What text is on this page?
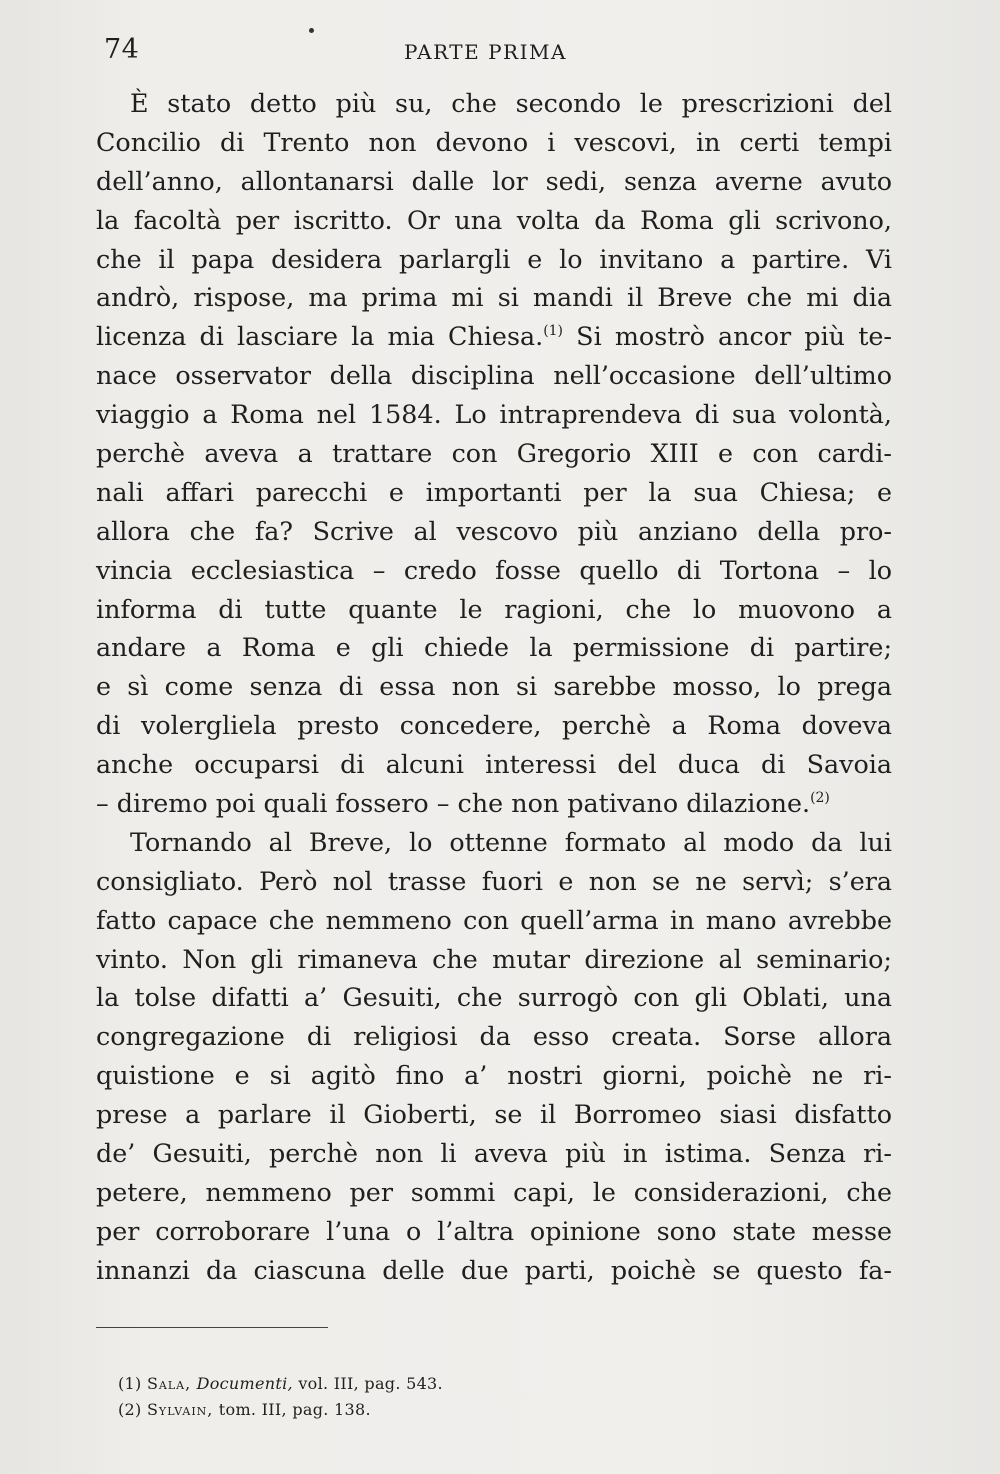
74	PARTE PRIMA
È stato detto più su, che secondo le prescrizioni del
Concilio di Trento non devono i vescovi, in certi tempi
dell’anno, allontanarsi dalle lor sedi, senza averne avuto
la facoltà per iscritto. Or una volta da Roma gli scrivono,
che il papa desidera parlargli e lo invitano a partire. Vi
andrò, rispose, ma prima mi si mandi il Breve che mi dia
licenza di lasciare la mia Chiesa.$^{(1)}$ Si mostrò ancor più te-
nace osservator della disciplina nell’occasione dell’ultimo
viaggio a Roma nel 1584. Lo intraprendeva di sua volontà,
perchè aveva a trattare con Gregorio XIII e con cardi-
nali affari parecchi e importanti per la sua Chiesa; e
allora che fa? Scrive al vescovo più anziano della pro-
vincia ecclesiastica – credo fosse quello di Tortona – lo
informa di tutte quante le ragioni, che lo muovono a
andare a Roma e gli chiede la permissione di partire;
e sì come senza di essa non si sarebbe mosso, lo prega
di volergliela presto concedere, perchè a Roma doveva
anche occuparsi di alcuni interessi del duca di Savoia
– diremo poi quali fossero – che non pativano dilazione.$^{(2)}$
Tornando al Breve, lo ottenne formato al modo da lui
consigliato. Però nol trasse fuori e non se ne servì; s’era
fatto capace che nemmeno con quell’arma in mano avrebbe
vinto. Non gli rimaneva che mutar direzione al seminario;
la tolse difatti a’ Gesuiti, che surrogò con gli Oblati, una
congregazione di religiosi da esso creata. Sorse allora
quistione e si agitò fino a’ nostri giorni, poichè ne ri-
prese a parlare il Gioberti, se il Borromeo siasi disfatto
de’ Gesuiti, perchè non li aveva più in istima. Senza ri-
petere, nemmeno per sommi capi, le considerazioni, che
per corroborare l’una o l’altra opinione sono state messe
innanzi da ciascuna delle due parti, poichè se questo fa-
(1) Sala, Documenti, vol. III, pag. 543.
(2) Sylvain, tom. III, pag. 138.
